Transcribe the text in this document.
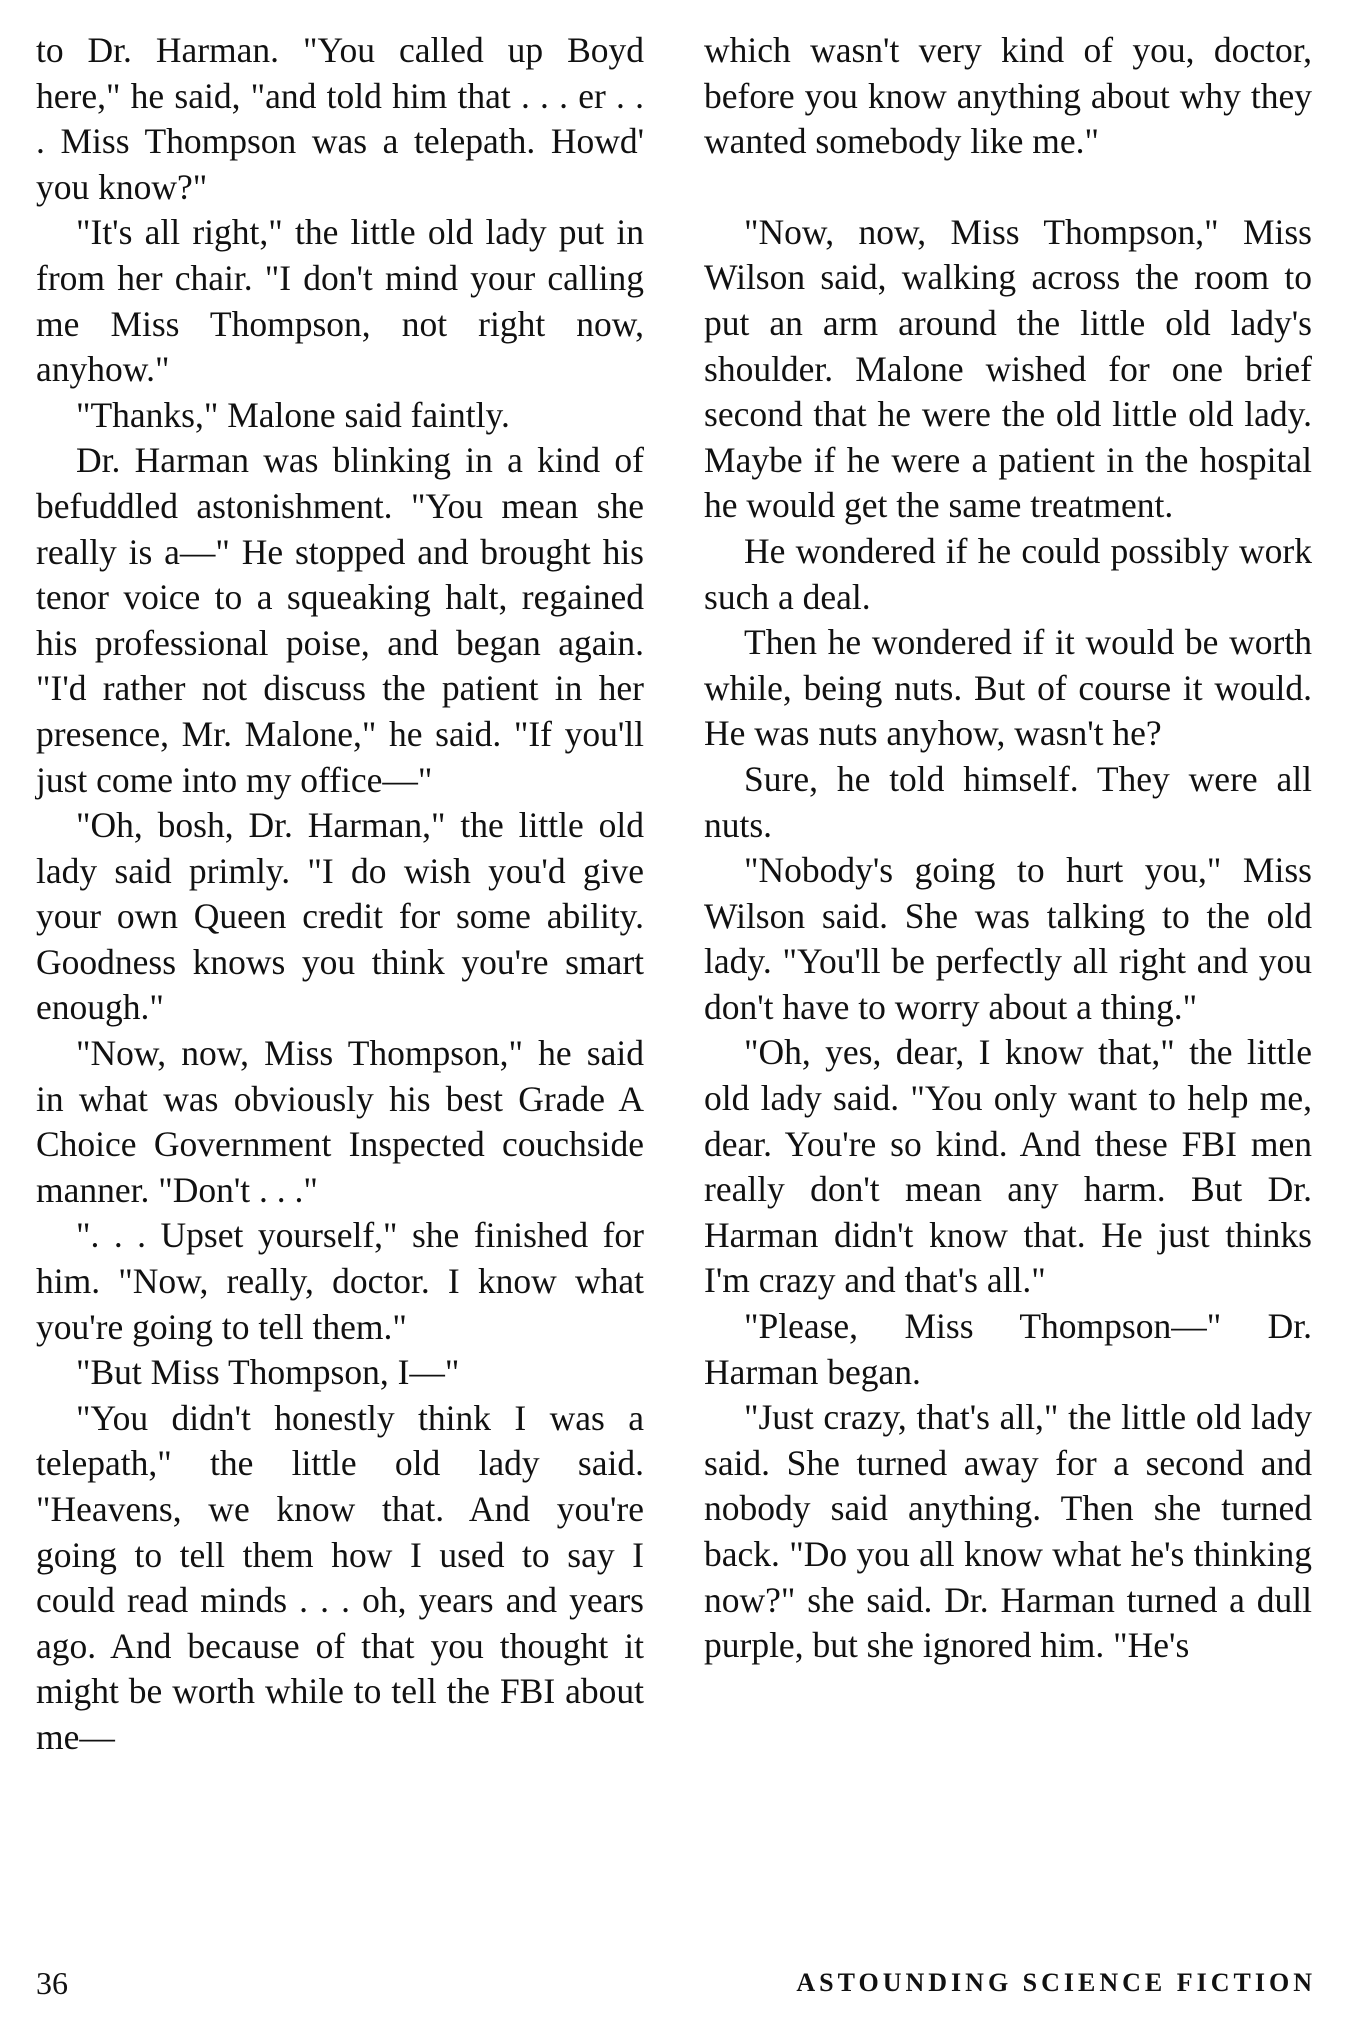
to Dr. Harman. "You called up Boyd here," he said, "and told him that . . . er . . . Miss Thompson was a telepath. Howd' you know?"

"It's all right," the little old lady put in from her chair. "I don't mind your calling me Miss Thompson, not right now, anyhow."

"Thanks," Malone said faintly.

Dr. Harman was blinking in a kind of befuddled astonishment. "You mean she really is a—" He stopped and brought his tenor voice to a squeaking halt, regained his professional poise, and began again. "I'd rather not discuss the patient in her presence, Mr. Malone," he said. "If you'll just come into my office—"

"Oh, bosh, Dr. Harman," the little old lady said primly. "I do wish you'd give your own Queen credit for some ability. Goodness knows you think you're smart enough."

"Now, now, Miss Thompson," he said in what was obviously his best Grade A Choice Government Inspected couchside manner. "Don't . . ."

". . . Upset yourself," she finished for him. "Now, really, doctor. I know what you're going to tell them."

"But Miss Thompson, I—"

"You didn't honestly think I was a telepath," the little old lady said. "Heavens, we know that. And you're going to tell them how I used to say I could read minds . . . oh, years and years ago. And because of that you thought it might be worth while to tell the FBI about me—

which wasn't very kind of you, doctor, before you know anything about why they wanted somebody like me."

"Now, now, Miss Thompson," Miss Wilson said, walking across the room to put an arm around the little old lady's shoulder. Malone wished for one brief second that he were the old little old lady. Maybe if he were a patient in the hospital he would get the same treatment.

He wondered if he could possibly work such a deal.

Then he wondered if it would be worth while, being nuts. But of course it would. He was nuts anyhow, wasn't he?

Sure, he told himself. They were all nuts.

"Nobody's going to hurt you," Miss Wilson said. She was talking to the old lady. "You'll be perfectly all right and you don't have to worry about a thing."

"Oh, yes, dear, I know that," the little old lady said. "You only want to help me, dear. You're so kind. And these FBI men really don't mean any harm. But Dr. Harman didn't know that. He just thinks I'm crazy and that's all."

"Please, Miss Thompson—" Dr. Harman began.

"Just crazy, that's all," the little old lady said. She turned away for a second and nobody said anything. Then she turned back. "Do you all know what he's thinking now?" she said. Dr. Harman turned a dull purple, but she ignored him. "He's

36	ASTOUNDING SCIENCE FICTION
